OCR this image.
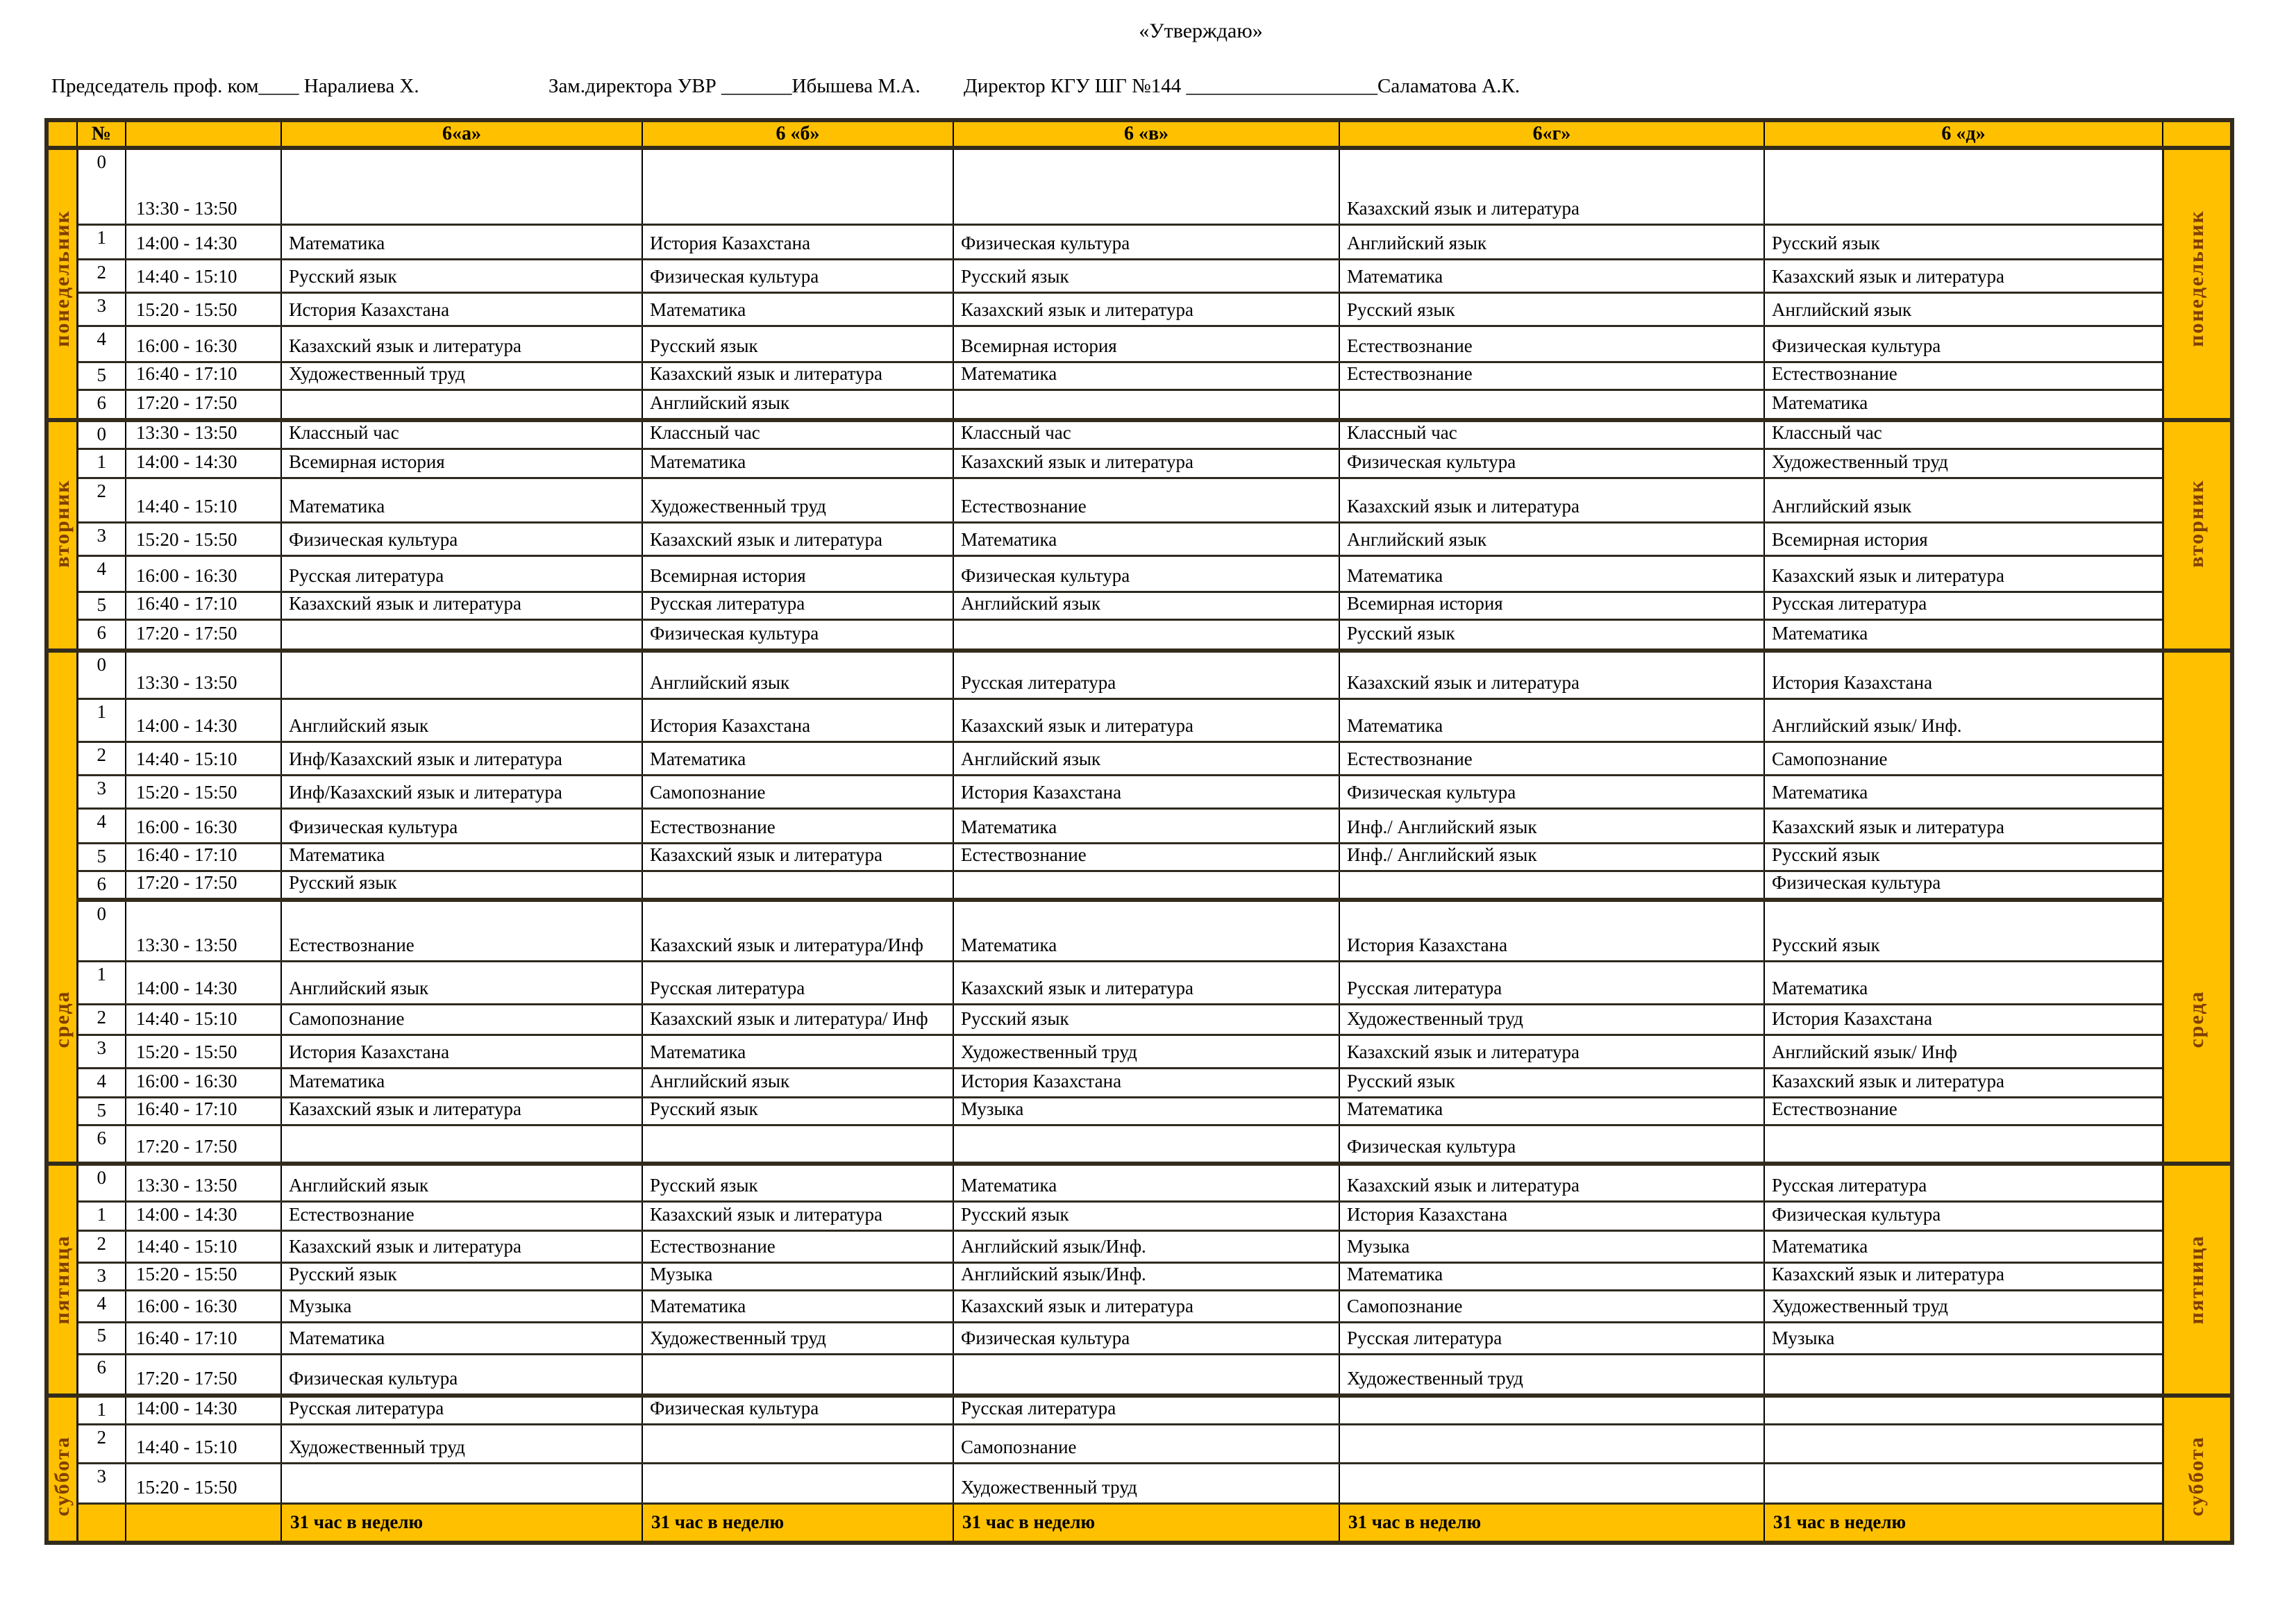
«Утверждаю»
Председатель проф. ком____ Наралиева Х.	Зам.директора УВР _______Ибышева М.А. Директор КГУ ШГ №144 ___________________Саламатова А.К.
	№		6«а»	6 «б»	6 «в»	6«г»	6 «д»	

понедельник	0	13:30 - 13:50				Казахский язык и литература		понедельник

	1	14:00 - 14:30	Математика	История Казахстана	Физическая культура	Английский язык	Русский язык	
	2	14:40 - 15:10	Русский язык	Физическая культура	Русский язык	Математика	Казахский язык и литература	
	3	15:20 - 15:50	История Казахстана	Математика	Казахский язык и литература	Русский язык	Английский язык	
	4	16:00 - 16:30	Казахский язык и литература	Русский язык	Всемирная история	Естествознание	Физическая культура	
	5	16:40 - 17:10	Художественный труд	Казахский язык и литература	Математика	Естествознание	Естествознание	
	6	17:20 - 17:50		Английский язык			Математика	

вторник	0	13:30 - 13:50	Классный час	Классный час	Классный час	Классный час	Классный час	вторник

	1	14:00 - 14:30	Всемирная история	Математика	Казахский язык и литература	Физическая культура	Художественный труд	
	2	14:40 - 15:10	Математика	Художественный труд	Естествознание	Казахский язык и литература	Английский язык	
	3	15:20 - 15:50	Физическая культура	Казахский язык и литература	Математика	Английский язык	Всемирная история	
	4	16:00 - 16:30	Русская литература	Всемирная история	Физическая культура	Математика	Казахский язык и литература	
	5	16:40 - 17:10	Казахский язык и литература	Русская литература	Английский язык	Всемирная история	Русская литература	
	6	17:20 - 17:50		Физическая культура		Русский язык	Математика	

среда	0	13:30 - 13:50		Английский язык	Русская литература	Казахский язык и литература	История Казахстана	среда

	1	14:00 - 14:30	Английский язык	История Казахстана	Казахский язык и литература	Математика	Английский язык/ Инф.	
	2	14:40 - 15:10	Инф/Казахский язык и литература	Математика	Английский язык	Естествознание	Самопознание	
	3	15:20 - 15:50	Инф/Казахский язык и литература	Самопознание	История Казахстана	Физическая культура	Математика	
	4	16:00 - 16:30	Физическая культура	Естествознание	Математика	Инф./ Английский язык	Казахский язык и литература	
	5	16:40 - 17:10	Математика	Казахский язык и литература	Естествознание	Инф./ Английский язык	Русский язык	
	6	17:20 - 17:50	Русский язык				Физическая культура	
	0	13:30 - 13:50	Естествознание	Казахский язык и литература/Инф	Математика	История Казахстана	Русский язык	
	1	14:00 - 14:30	Английский язык	Русская литература	Казахский язык и литература	Русская литература	Математика	
	2	14:40 - 15:10	Самопознание	Казахский язык и литература/ Инф	Русский язык	Художественный труд	История Казахстана	
	3	15:20 - 15:50	История Казахстана	Математика	Художественный труд	Казахский язык и литература	Английский язык/ Инф	
	4	16:00 - 16:30	Математика	Английский язык	История Казахстана	Русский язык	Казахский язык и литература	
	5	16:40 - 17:10	Казахский язык и литература	Русский язык	Музыка	Математика	Естествознание	
	6	17:20 - 17:50				Физическая культура		

пятница	0	13:30 - 13:50	Английский язык	Русский язык	Математика	Казахский язык и литература	Русская литература	пятница

	1	14:00 - 14:30	Естествознание	Казахский язык и литература	Русский язык	История Казахстана	Физическая культура	
	2	14:40 - 15:10	Казахский язык и литература	Естествознание	Английский язык/Инф.	Музыка	Математика	
	3	15:20 - 15:50	Русский язык	Музыка	Английский язык/Инф.	Математика	Казахский язык и литература	
	4	16:00 - 16:30	Музыка	Математика	Казахский язык и литература	Самопознание	Художественный труд	
	5	16:40 - 17:10	Математика	Художественный труд	Физическая культура	Русская литература	Музыка	
	6	17:20 - 17:50	Физическая культура			Художественный труд		

суббота	1	14:00 - 14:30	Русская литература	Физическая культура	Русская литература			суббота

	2	14:40 - 15:10	Художественный труд		Самопознание			
	3	15:20 - 15:50			Художественный труд			
			31 час в неделю	31 час в неделю	31 час в неделю	31 час в неделю	31 час в неделю	
